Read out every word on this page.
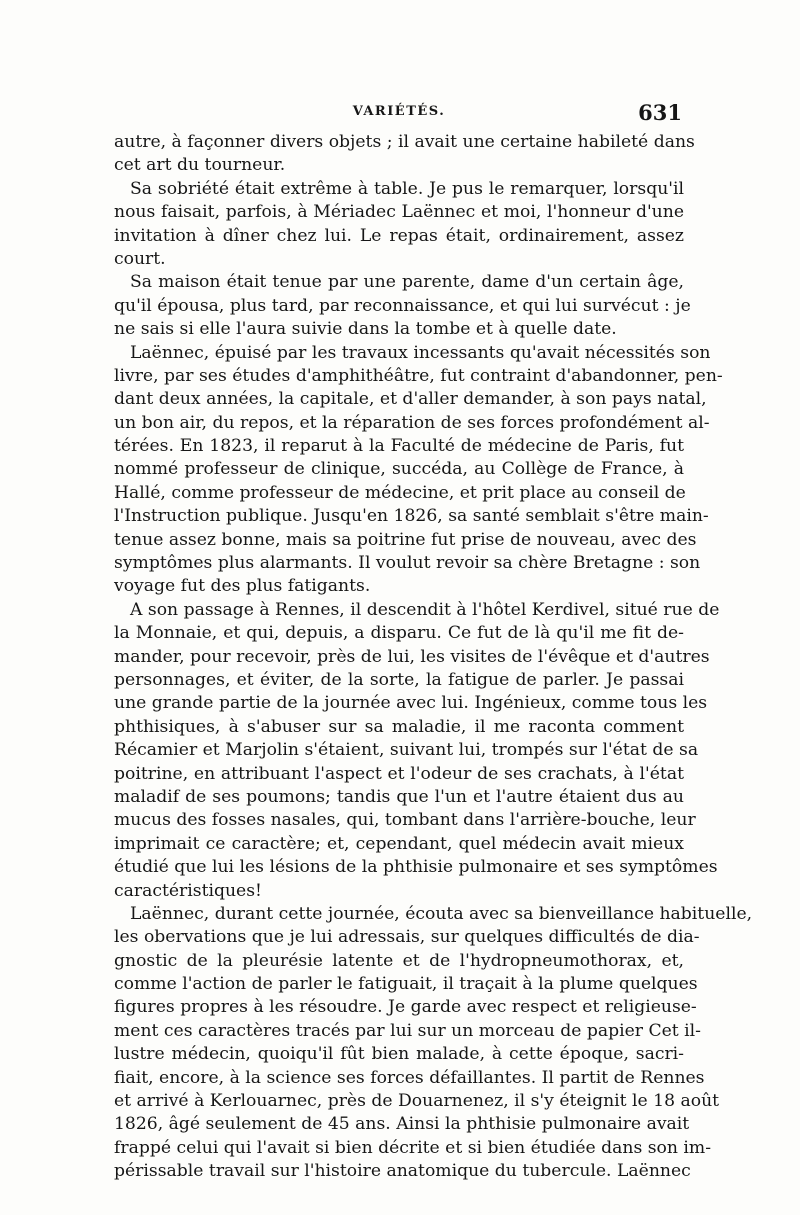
VARIÉTÉS.	631
autre, à façonner divers objets ; il avait une certaine habileté dans
cet art du tourneur.
Sa sobriété était extrême à table. Je pus le remarquer, lorsqu'il
nous faisait, parfois, à Mériadec Laënnec et moi, l'honneur d'une
invitation à dîner chez lui. Le repas était, ordinairement, assez
court.
Sa maison était tenue par une parente, dame d'un certain âge,
qu'il épousa, plus tard, par reconnaissance, et qui lui survécut : je
ne sais si elle l'aura suivie dans la tombe et à quelle date.
Laënnec, épuisé par les travaux incessants qu'avait nécessités son
livre, par ses études d'amphithéâtre, fut contraint d'abandonner, pen-
dant deux années, la capitale, et d'aller demander, à son pays natal,
un bon air, du repos, et la réparation de ses forces profondément al-
térées. En 1823, il reparut à la Faculté de médecine de Paris, fut
nommé professeur de clinique, succéda, au Collège de France, à
Hallé, comme professeur de médecine, et prit place au conseil de
l'Instruction publique. Jusqu'en 1826, sa santé semblait s'être main-
tenue assez bonne, mais sa poitrine fut prise de nouveau, avec des
symptômes plus alarmants. Il voulut revoir sa chère Bretagne : son
voyage fut des plus fatigants.
A son passage à Rennes, il descendit à l'hôtel Kerdivel, situé rue de
la Monnaie, et qui, depuis, a disparu. Ce fut de là qu'il me fit de-
mander, pour recevoir, près de lui, les visites de l'évêque et d'autres
personnages, et éviter, de la sorte, la fatigue de parler. Je passai
une grande partie de la journée avec lui. Ingénieux, comme tous les
phthisiques, à s'abuser sur sa maladie, il me raconta comment
Récamier et Marjolin s'étaient, suivant lui, trompés sur l'état de sa
poitrine, en attribuant l'aspect et l'odeur de ses crachats, à l'état
maladif de ses poumons; tandis que l'un et l'autre étaient dus au
mucus des fosses nasales, qui, tombant dans l'arrière-bouche, leur
imprimait ce caractère; et, cependant, quel médecin avait mieux
étudié que lui les lésions de la phthisie pulmonaire et ses symptômes
caractéristiques!
Laënnec, durant cette journée, écouta avec sa bienveillance habituelle,
les obervations que je lui adressais, sur quelques difficultés de dia-
gnostic de la pleurésie latente et de l'hydropneumothorax, et,
comme l'action de parler le fatiguait, il traçait à la plume quelques
figures propres à les résoudre. Je garde avec respect et religieuse-
ment ces caractères tracés par lui sur un morceau de papier Cet il-
lustre médecin, quoiqu'il fût bien malade, à cette époque, sacri-
fiait, encore, à la science ses forces défaillantes. Il partit de Rennes
et arrivé à Kerlouarnec, près de Douarnenez, il s'y éteignit le 18 août
1826, âgé seulement de 45 ans. Ainsi la phthisie pulmonaire avait
frappé celui qui l'avait si bien décrite et si bien étudiée dans son im-
périssable travail sur l'histoire anatomique du tubercule. Laënnec
